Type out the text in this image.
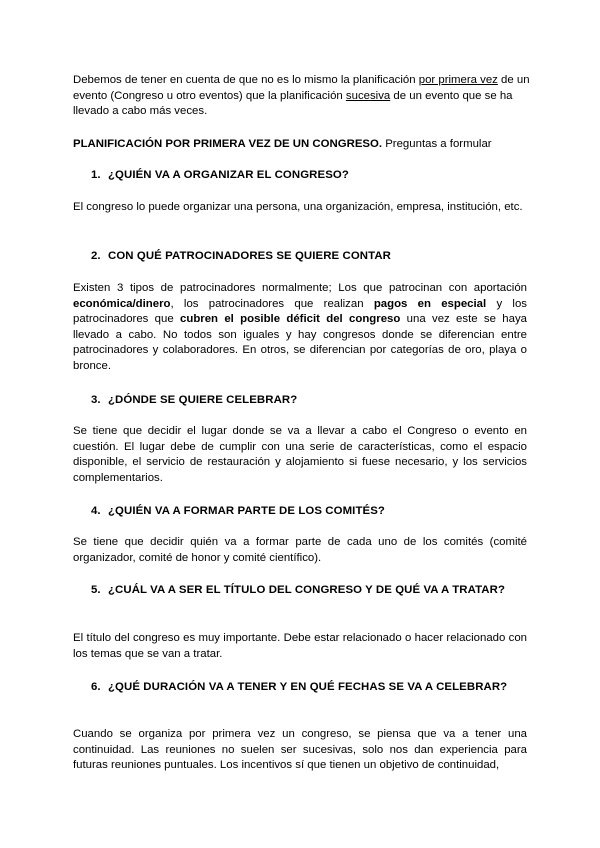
Debemos de tener en cuenta de que no es lo mismo la planificación por primera vez de un evento (Congreso u otro eventos) que la planificación sucesiva de un evento que se ha llevado a cabo más veces.
PLANIFICACIÓN POR PRIMERA VEZ DE UN CONGRESO. Preguntas a formular
1. ¿QUIÉN VA A ORGANIZAR EL CONGRESO?
El congreso lo puede organizar una persona, una organización, empresa, institución, etc.
2. CON QUÉ PATROCINADORES SE QUIERE CONTAR
Existen 3 tipos de patrocinadores normalmente; Los que patrocinan con aportación económica/dinero, los patrocinadores que realizan pagos en especial y los patrocinadores que cubren el posible déficit del congreso una vez este se haya llevado a cabo. No todos son iguales y hay congresos donde se diferencian entre patrocinadores y colaboradores. En otros, se diferencian por categorías de oro, playa o bronce.
3. ¿DÓNDE SE QUIERE CELEBRAR?
Se tiene que decidir el lugar donde se va a llevar a cabo el Congreso o evento en cuestión. El lugar debe de cumplir con una serie de características, como el espacio disponible, el servicio de restauración y alojamiento si fuese necesario, y los servicios complementarios.
4. ¿QUIÉN VA A FORMAR PARTE DE LOS COMITÉS?
Se tiene que decidir quién va a formar parte de cada uno de los comités (comité organizador, comité de honor y comité científico).
5. ¿CUÁL VA A SER EL TÍTULO DEL CONGRESO Y DE QUÉ VA A TRATAR?
El título del congreso es muy importante. Debe estar relacionado o hacer relacionado con los temas que se van a tratar.
6. ¿QUÉ DURACIÓN VA A TENER Y EN QUÉ FECHAS SE VA A CELEBRAR?
Cuando se organiza por primera vez un congreso, se piensa que va a tener una continuidad. Las reuniones no suelen ser sucesivas, solo nos dan experiencia para futuras reuniones puntuales. Los incentivos sí que tienen un objetivo de continuidad,
